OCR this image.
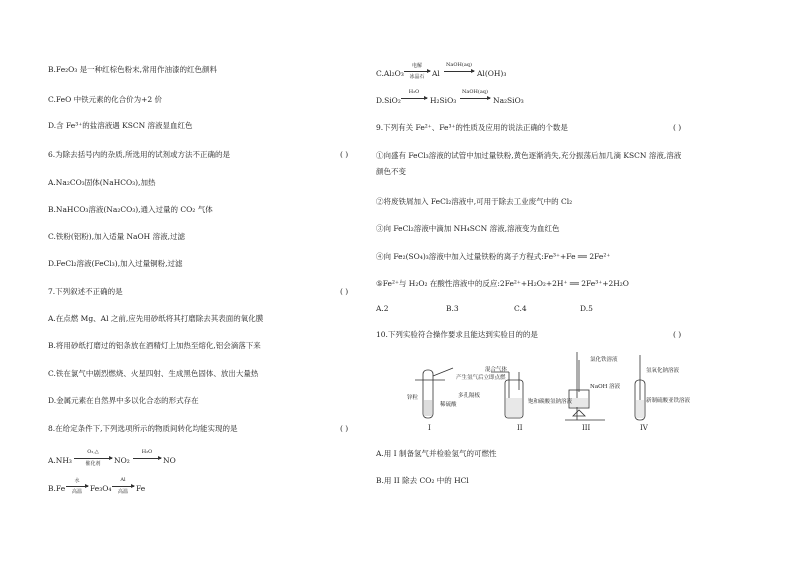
B.Fe₂O₃ 是一种红棕色粉末,常用作油漆的红色颜料
C.FeO 中铁元素的化合价为+2 价
D.含 Fe³⁺的盐溶液遇 KSCN 溶液显血红色
6.为除去括号内的杂质,所选用的试剂或方法不正确的是	( )
A.Na₂CO₃固体(NaHCO₃),加热
B.NaHCO₃溶液(Na₂CO₃),通入过量的 CO₂ 气体
C.铁粉(铝粉),加入适量 NaOH 溶液,过滤
D.FeCl₂溶液(FeCl₃),加入过量铜粉,过滤
7.下列叙述不正确的是	( )
A.在点燃 Mg、Al 之前,应先用砂纸将其打磨除去其表面的氧化膜
B.将用砂纸打磨过的铝条放在酒精灯上加热至熔化,铝会滴落下来
C.铁在氯气中剧烈燃烧、火星四射、生成黑色固体、放出大量热
D.金属元素在自然界中多以化合态的形式存在
8.在给定条件下,下列选项所示的物质间转化均能实现的是	( )
A.NH₃
O₂,△
催化剂	NO₂
H₂O
NO
B.Fe
水
高温	Fe₃O₄
Al
高温	Fe
C.Al₂O₃
电解
冰晶石	Al
NaOH(aq)
Al(OH)₃
D.SiO₂
H₂O
H₂SiO₃
NaOH(aq)
Na₂SiO₃
9.下列有关 Fe²⁺、Fe³⁺的性质及应用的说法正确的个数是	( )
①向盛有 FeCl₃溶液的试管中加过量铁粉,黄色逐渐消失,充分振荡后加几滴 KSCN 溶液,溶液
颜色不变
②将废铁屑加入 FeCl₂溶液中,可用于除去工业废气中的 Cl₂
③向 FeCl₂溶液中滴加 NH₄SCN 溶液,溶液变为血红色
④向 Fe₂(SO₄)₃溶液中加入过量铁粉的离子方程式:Fe³⁺+Fe ══ 2Fe²⁺
⑤Fe²⁺与 H₂O₂ 在酸性溶液中的反应:2Fe²⁺+H₂O₂+2H⁺ ══ 2Fe³⁺+2H₂O
A.2	B.3	C.4	D.5
10.下列实验符合操作要求且能达到实验目的的是	( )
锌粒
产生氢气后立即点燃
稀硫酸
多孔隔板
混合气体
饱和碳酸氢钠溶液
氯化铁溶液
NaOH 溶液
氢氧化钠溶液
新制硫酸亚铁溶液
I	II	III	IV
A.用 I 制备氢气并检验氢气的可燃性
B.用 II 除去 CO₂ 中的 HCl
